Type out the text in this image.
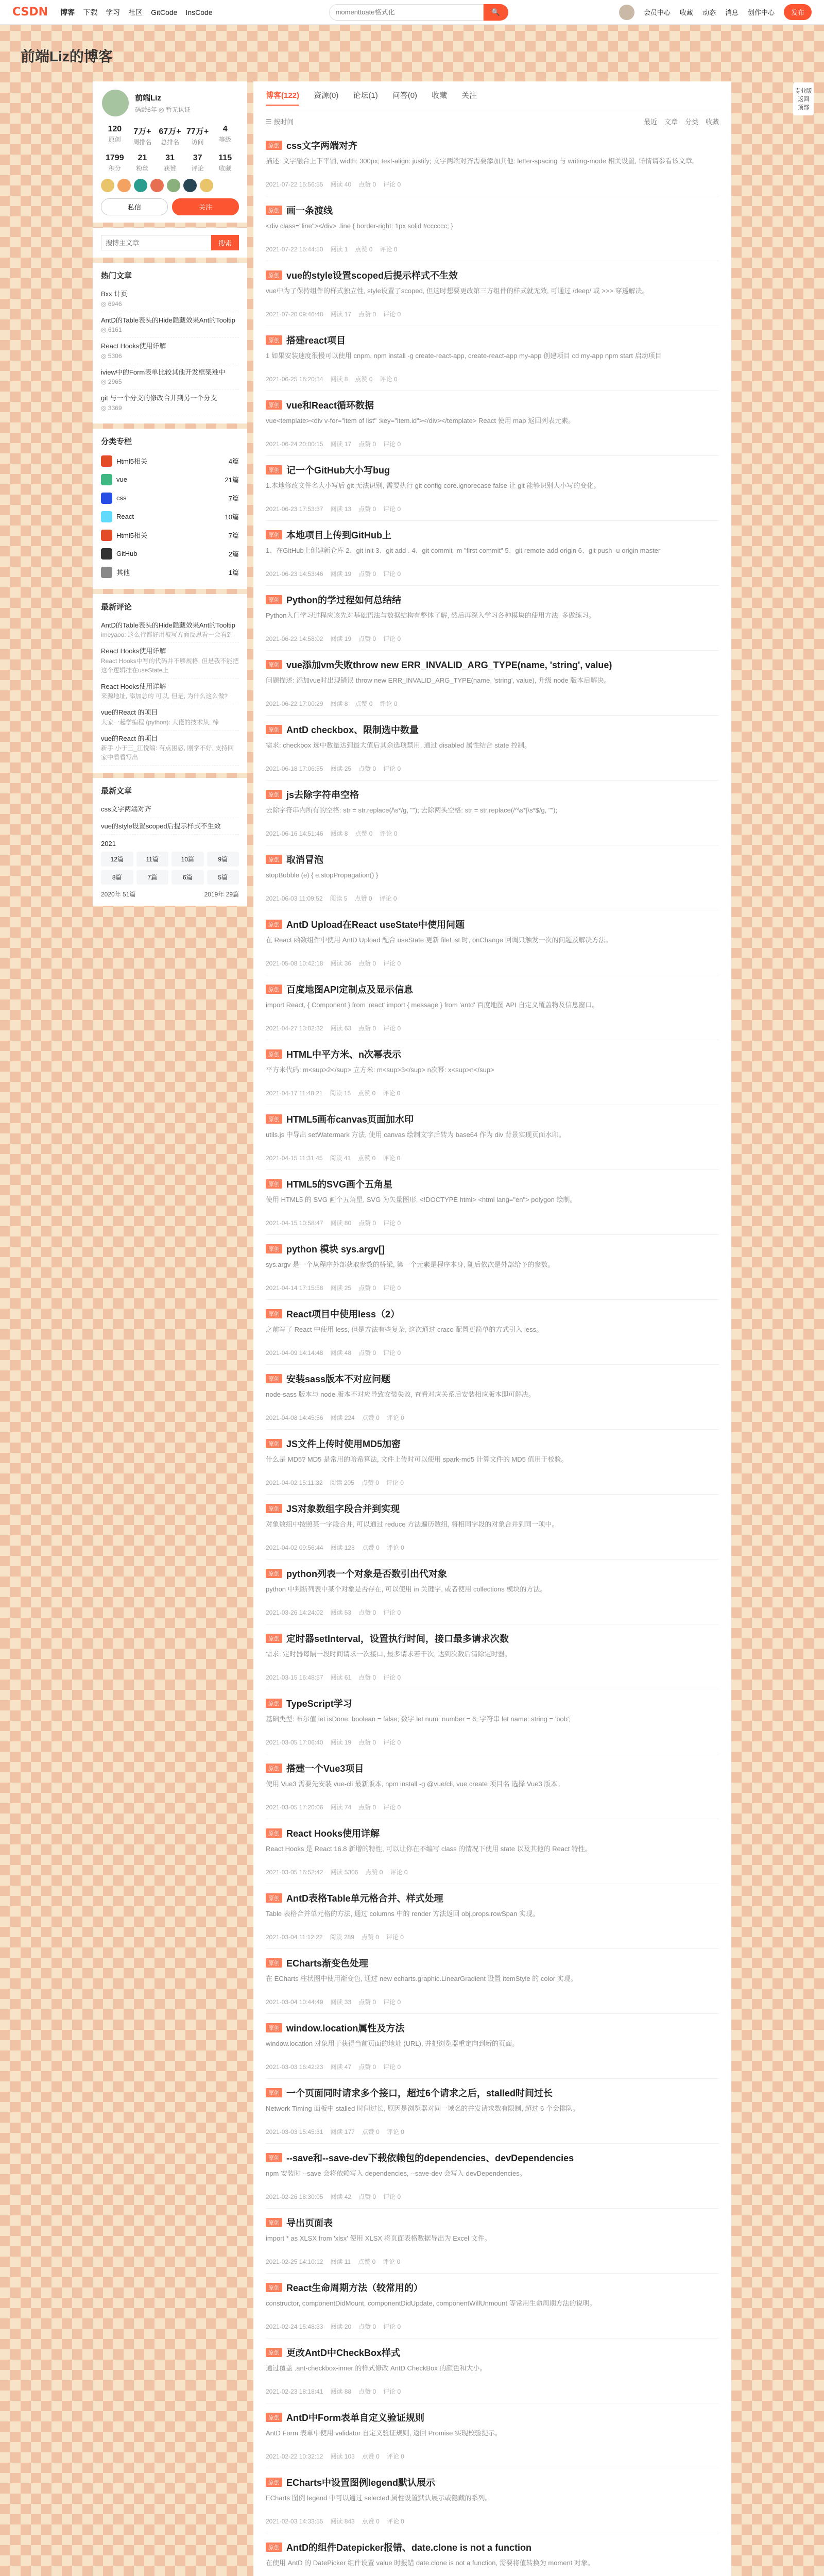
CSDN 博客 下载 学习 社区 GitCode InsCode
momenttoate格式化	🔍	会员中心 收藏 动态 消息 创作中心	发布
前端Liz的博客
前端Liz
码龄6年 ◎ 暂无认证
120
原创
7万+
周排名
67万+
总排名
77万+
访问
4
等级
1799
积分
21
粉丝
31
获赞
37
评论
115
收藏
私信	关注
搜博主文章
搜索
热门文章
Bxx 计页
◎ 6946
AntD的Table表头的Hide隐藏效果Ant的Tooltip
◎ 6161
React Hooks使用详解
◎ 5306
iview中的Form表单比较其他开发框架难中
◎ 2965
git 与一个分支的修改合并到另一个分支
◎ 3369
分类专栏
Html5相关	4篇
vue	21篇
css	7篇
React	10篇
Html5相关	7篇
GitHub	2篇
其他	1篇
最新评论
AntD的Table表头的Hide隐藏效果Ant的Tooltip
imeyaoo: 这么行都好用被写方面反思看一会看到
React Hooks使用详解
React Hooks中写的代码并不够规格, 但是我不能把这个逻辑挂在useState上
React Hooks使用详解
来源地址, 添加总的 可以, 但是, 为什么这么做?
vue的React 的项目
大家一起学编程 (python): 大佬的技术从, 棒
vue的React 的项目
新手 小于三_江悦编: 有点困惑, 刚学不好, 支持回家中看看写出
最新文章
css文字两端对齐
vue的style设置scoped后提示样式不生效
2021
12篇	11篇	10篇	9篇
8篇	7篇	6篇	5篇
2020年 51篇	2019年 29篇
博客(122) 资源(0) 论坛(1) 问答(0) 收藏 关注
☰ 按时间	最近 文章 分类 收藏
原创 css文字两端对齐
描述: 文字融合上下平铺, width: 300px; text-align: justify; 文字两端对齐需要添加其他: letter-spacing 与 writing-mode 相关设置, 详情请参看该文章。
2021-07-22 15:56:55 阅读 40 点赞 0 评论 0
原创 画一条渡线
<div class="line"></div> .line { border-right: 1px solid #cccccc; }
2021-07-22 15:44:50 阅读 1 点赞 0 评论 0
原创 vue的style设置scoped后提示样式不生效
vue中为了保持组件的样式独立性, style设置了scoped, 但这时想要更改第三方组件的样式就无效, 可通过 /deep/ 或 >>> 穿透解决。
2021-07-20 09:46:48 阅读 17 点赞 0 评论 0
原创 搭建react项目
1 如果安装速度很慢可以使用 cnpm, npm install -g create-react-app, create-react-app my-app 创建项目 cd my-app npm start 启动项目
2021-06-25 16:20:34 阅读 8 点赞 0 评论 0
原创 vue和React循环数据
vue<template><div v-for="item of list" :key="item.id"></div></template> React 使用 map 返回列表元素。
2021-06-24 20:00:15 阅读 17 点赞 0 评论 0
原创 记一个GitHub大小写bug
1.本地修改文件名大小写后 git 无法识别, 需要执行 git config core.ignorecase false 让 git 能够识别大小写的变化。
2021-06-23 17:53:37 阅读 13 点赞 0 评论 0
原创 本地项目上传到GitHub上
1、在GitHub上创建新仓库 2、git init 3、git add . 4、git commit -m "first commit" 5、git remote add origin 6、git push -u origin master
2021-06-23 14:53:46 阅读 19 点赞 0 评论 0
原创 Python的学过程如何总结结
Python入门学习过程应该先对基础语法与数据结构有整体了解, 然后再深入学习各种模块的使用方法, 多做练习。
2021-06-22 14:58:02 阅读 19 点赞 0 评论 0
原创 vue添加vm失败throw new ERR_INVALID_ARG_TYPE(name, 'string', value)
问题描述: 添加vue时出现错误 throw new ERR_INVALID_ARG_TYPE(name, 'string', value), 升级 node 版本后解决。
2021-06-22 17:00:29 阅读 8 点赞 0 评论 0
原创 AntD checkbox、限制选中数量
需求: checkbox 选中数量达到最大值后其余选项禁用, 通过 disabled 属性结合 state 控制。
2021-06-18 17:06:55 阅读 25 点赞 0 评论 0
原创 js去除字符串空格
去除字符串内所有的空格: str = str.replace(/\s*/g, ""); 去除两头空格: str = str.replace(/^\s*|\s*$/g, "");
2021-06-16 14:51:46 阅读 8 点赞 0 评论 0
原创 取消冒泡
stopBubble (e) { e.stopPropagation() }
2021-06-03 11:09:52 阅读 5 点赞 0 评论 0
原创 AntD Upload在React useState中使用问题
在 React 函数组件中使用 AntD Upload 配合 useState 更新 fileList 时, onChange 回调只触发一次的问题及解决方法。
2021-05-08 10:42:18 阅读 36 点赞 0 评论 0
原创 百度地图API定制点及显示信息
import React, { Component } from 'react' import { message } from 'antd' 百度地图 API 自定义覆盖物及信息窗口。
2021-04-27 13:02:32 阅读 63 点赞 0 评论 0
原创 HTML中平方米、n次幂表示
平方米代码: m<sup>2</sup> 立方米: m<sup>3</sup> n次幂: x<sup>n</sup>
2021-04-17 11:48:21 阅读 15 点赞 0 评论 0
原创 HTML5画布canvas页面加水印
utils.js 中导出 setWatermark 方法, 使用 canvas 绘制文字后转为 base64 作为 div 背景实现页面水印。
2021-04-15 11:31:45 阅读 41 点赞 0 评论 0
原创 HTML5的SVG画个五角星
使用 HTML5 的 SVG 画个五角星, SVG 为矢量图形, <!DOCTYPE html> <html lang="en"> polygon 绘制。
2021-04-15 10:58:47 阅读 80 点赞 0 评论 0
原创 python 模块 sys.argv[]
sys.argv 是一个从程序外部获取参数的桥梁, 第一个元素是程序本身, 随后依次是外部给予的参数。
2021-04-14 17:15:58 阅读 25 点赞 0 评论 0
原创 React项目中使用less（2）
之前写了 React 中使用 less, 但是方法有些复杂, 这次通过 craco 配置更简单的方式引入 less。
2021-04-09 14:14:48 阅读 48 点赞 0 评论 0
原创 安装sass版本不对应问题
node-sass 版本与 node 版本不对应导致安装失败, 查看对应关系后安装相应版本即可解决。
2021-04-08 14:45:56 阅读 224 点赞 0 评论 0
原创 JS文件上传时使用MD5加密
什么是 MD5? MD5 是常用的哈希算法, 文件上传时可以使用 spark-md5 计算文件的 MD5 值用于校验。
2021-04-02 15:11:32 阅读 205 点赞 0 评论 0
原创 JS对象数组字段合并到实现
对象数组中按照某一字段合并, 可以通过 reduce 方法遍历数组, 将相同字段的对象合并到同一项中。
2021-04-02 09:56:44 阅读 128 点赞 0 评论 0
原创 python列表一个对象是否数引出代对象
python 中判断列表中某个对象是否存在, 可以使用 in 关键字, 或者使用 collections 模块的方法。
2021-03-26 14:24:02 阅读 53 点赞 0 评论 0
原创 定时器setInterval，设置执行时间，接口最多请求次数
需求: 定时器每隔一段时间请求一次接口, 最多请求若干次, 达到次数后清除定时器。
2021-03-15 16:48:57 阅读 61 点赞 0 评论 0
原创 TypeScript学习
基础类型: 布尔值 let isDone: boolean = false; 数字 let num: number = 6; 字符串 let name: string = 'bob';
2021-03-05 17:06:40 阅读 19 点赞 0 评论 0
原创 搭建一个Vue3项目
使用 Vue3 需要先安装 vue-cli 最新版本, npm install -g @vue/cli, vue create 项目名 选择 Vue3 版本。
2021-03-05 17:20:06 阅读 74 点赞 0 评论 0
原创 React Hooks使用详解
React Hooks 是 React 16.8 新增的特性, 可以让你在不编写 class 的情况下使用 state 以及其他的 React 特性。
2021-03-05 16:52:42 阅读 5306 点赞 0 评论 0
原创 AntD表格Table单元格合并、样式处理
Table 表格合并单元格的方法, 通过 columns 中的 render 方法返回 obj.props.rowSpan 实现。
2021-03-04 11:12:22 阅读 289 点赞 0 评论 0
原创 ECharts渐变色处理
在 ECharts 柱状图中使用渐变色, 通过 new echarts.graphic.LinearGradient 设置 itemStyle 的 color 实现。
2021-03-04 10:44:49 阅读 33 点赞 0 评论 0
原创 window.location属性及方法
window.location 对象用于获得当前页面的地址 (URL), 并把浏览器重定向到新的页面。
2021-03-03 16:42:23 阅读 47 点赞 0 评论 0
原创 一个页面同时请求多个接口，超过6个请求之后，stalled时间过长
Network Timing 面板中 stalled 时间过长, 原因是浏览器对同一域名的并发请求数有限制, 超过 6 个会排队。
2021-03-03 15:45:31 阅读 177 点赞 0 评论 0
原创 --save和--save-dev下载依赖包的dependencies、devDependencies
npm 安装时 --save 会将依赖写入 dependencies, --save-dev 会写入 devDependencies。
2021-02-26 18:30:05 阅读 42 点赞 0 评论 0
原创 导出页面表
import * as XLSX from 'xlsx' 使用 XLSX 将页面表格数据导出为 Excel 文件。
2021-02-25 14:10:12 阅读 11 点赞 0 评论 0
原创 React生命周期方法（较常用的）
constructor, componentDidMount, componentDidUpdate, componentWillUnmount 等常用生命周期方法的说明。
2021-02-24 15:48:33 阅读 20 点赞 0 评论 0
原创 更改AntD中CheckBox样式
通过覆盖 .ant-checkbox-inner 的样式修改 AntD CheckBox 的颜色和大小。
2021-02-23 18:18:41 阅读 88 点赞 0 评论 0
原创 AntD中Form表单自定义验证规则
AntD Form 表单中使用 validator 自定义验证规则, 返回 Promise 实现校验提示。
2021-02-22 10:32:12 阅读 103 点赞 0 评论 0
原创 ECharts中设置图例legend默认展示
ECharts 图例 legend 中可以通过 selected 属性设置默认展示或隐藏的系列。
2021-02-03 14:33:55 阅读 843 点赞 0 评论 0
原创 AntD的组件Datepicker报错、date.clone is not a function
在使用 AntD 的 DatePicker 组件设置 value 时报错 date.clone is not a function, 需要将值转换为 moment 对象。
专业版
返回
顶部
